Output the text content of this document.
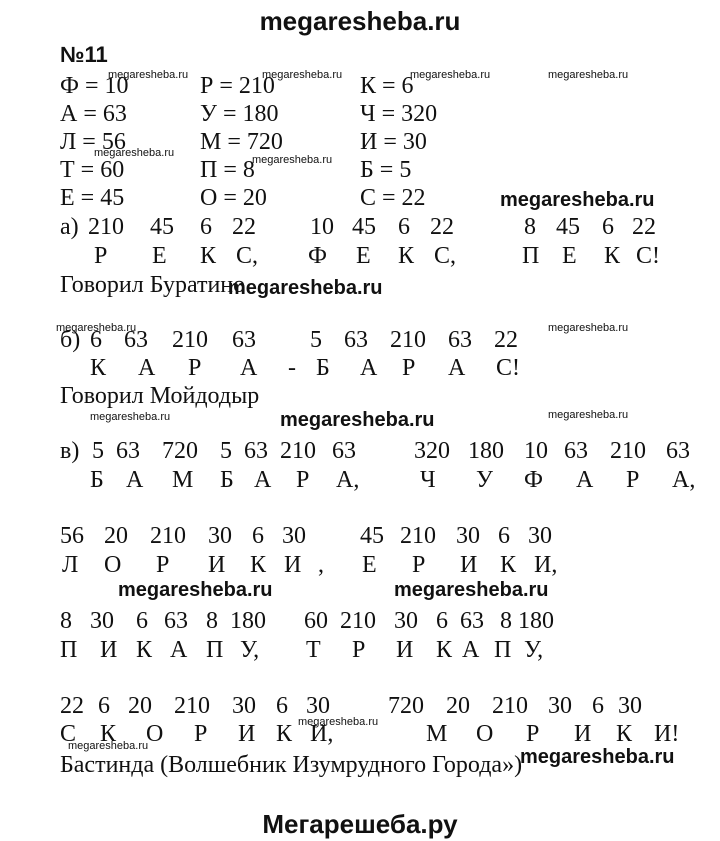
megaresheba.ru
№11
Ф = 10	Р = 210	К = 6
А = 63	У = 180	Ч = 320
Л = 56	М = 720	И = 30
Т = 60	П = 8	Б = 5
Е = 45	О = 20	С = 22
а) 210 45 6 22 10 45 6 22	8 45 6 22
Р Е К С, Ф Е К С,	П Е К С!
Говорил Буратино
б) 6 63 210 63 5 63 210 63 22
К А Р А - Б А Р А С!
Говорил Мойдодыр
в) 5 63 720 5 63 210 63 320 180 10 63 210 63
Б А М Б А Р А,	Ч У Ф А Р А,
56 20 210 30 6 30 45 210 30 6 30
Л О Р И К И , Е Р И К И,
8 30 6 63 8 180 60 210 30 6 63 8 180
П И К А П У, Т Р И К А П У,
22 6 20 210 30 6 30 720 20 210 30 6 30
С К О Р И К И,	М О Р И К И!
Бастинда (Волшебник Изумрудного Города»)
megaresheba.ru	megaresheba.ru	megaresheba.ru	megaresheba.ru
megaresheba.ru
megaresheba.ru
megaresheba.ru	megaresheba.ru
megaresheba.ru	megaresheba.ru
megaresheba.ru
megaresheba.ru
megaresheba.ru
megaresheba.ru
megaresheba.ru
megaresheba.ru	megaresheba.ru
megaresheba.ru
Мегарешеба.ру
